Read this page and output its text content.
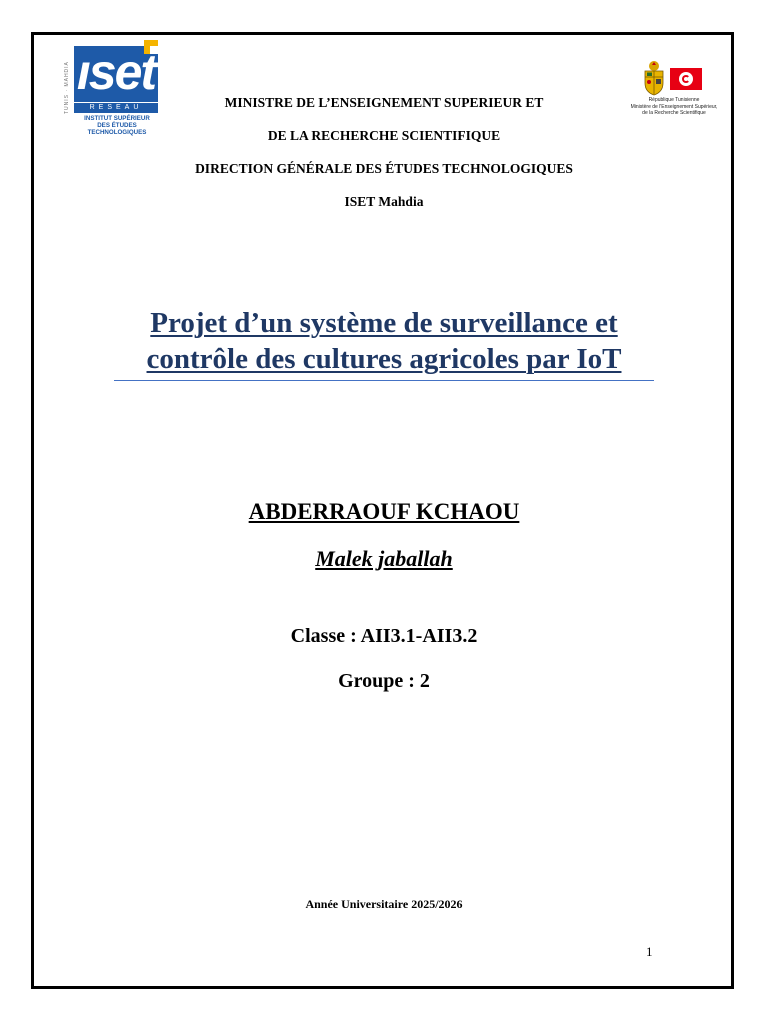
TUNIS · MAHDIA ıset
RESEAU
INSTITUT SUPÉRIEUR
DES ÉTUDES
TECHNOLOGIQUES
République Tunisienne
Ministère de l'Enseignement Supérieur,
de la Recherche Scientifique
MINISTRE DE L’ENSEIGNEMENT SUPERIEUR ET
DE LA RECHERCHE SCIENTIFIQUE
DIRECTION GÉNÉRALE DES ÉTUDES TECHNOLOGIQUES
ISET Mahdia
Projet d’un système de surveillance et
contrôle des cultures agricoles par IoT
ABDERRAOUF KCHAOU
Malek jaballah
Classe : AII3.1-AII3.2
Groupe : 2
Année Universitaire 2025/2026
1
